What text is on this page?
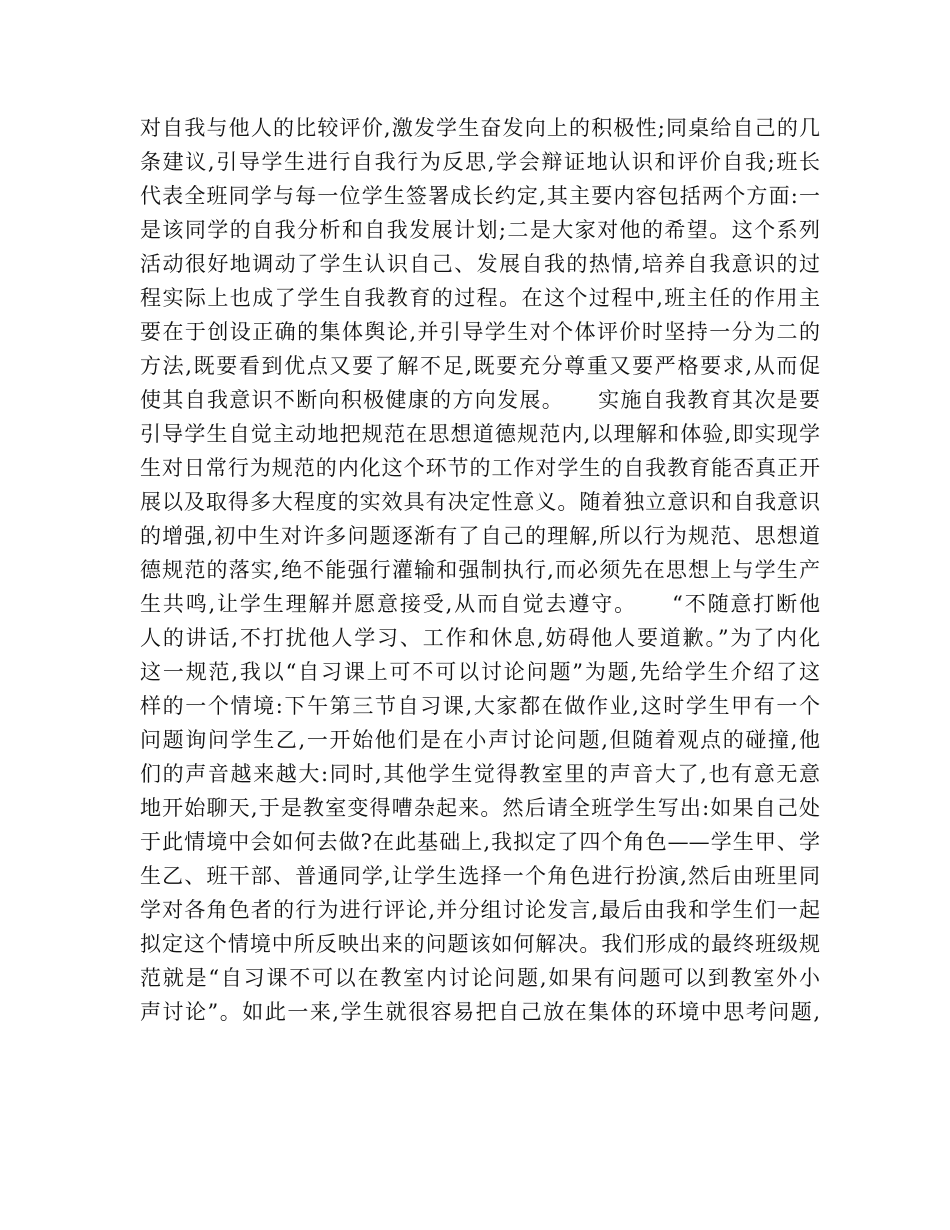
对自我与他人的比较评价,激发学生奋发向上的积极性;同桌给自己的几
条建议,引导学生进行自我行为反思,学会辩证地认识和评价自我;班长
代表全班同学与每一位学生签署成长约定,其主要内容包括两个方面:一
是该同学的自我分析和自我发展计划;二是大家对他的希望。这个系列
活动很好地调动了学生认识自己、发展自我的热情,培养自我意识的过
程实际上也成了学生自我教育的过程。在这个过程中,班主任的作用主
要在于创设正确的集体舆论,并引导学生对个体评价时坚持一分为二的
方法,既要看到优点又要了解不足,既要充分尊重又要严格要求,从而促
使其自我意识不断向积极健康的方向发展。　　实施自我教育其次是要
引导学生自觉主动地把规范在思想道德规范内,以理解和体验,即实现学
生对日常行为规范的内化这个环节的工作对学生的自我教育能否真正开
展以及取得多大程度的实效具有决定性意义。随着独立意识和自我意识
的增强,初中生对许多问题逐渐有了自己的理解,所以行为规范、思想道
德规范的落实,绝不能强行灌输和强制执行,而必须先在思想上与学生产
生共鸣,让学生理解并愿意接受,从而自觉去遵守。　　“不随意打断他
人的讲话,不打扰他人学习、工作和休息,妨碍他人要道歉。”为了内化
这一规范,我以“自习课上可不可以讨论问题”为题,先给学生介绍了这
样的一个情境:下午第三节自习课,大家都在做作业,这时学生甲有一个
问题询问学生乙,一开始他们是在小声讨论问题,但随着观点的碰撞,他
们的声音越来越大:同时,其他学生觉得教室里的声音大了,也有意无意
地开始聊天,于是教室变得嘈杂起来。然后请全班学生写出:如果自己处
于此情境中会如何去做?在此基础上,我拟定了四个角色——学生甲、学
生乙、班干部、普通同学,让学生选择一个角色进行扮演,然后由班里同
学对各角色者的行为进行评论,并分组讨论发言,最后由我和学生们一起
拟定这个情境中所反映出来的问题该如何解决。我们形成的最终班级规
范就是“自习课不可以在教室内讨论问题,如果有问题可以到教室外小
声讨论”。如此一来,学生就很容易把自己放在集体的环境中思考问题,
